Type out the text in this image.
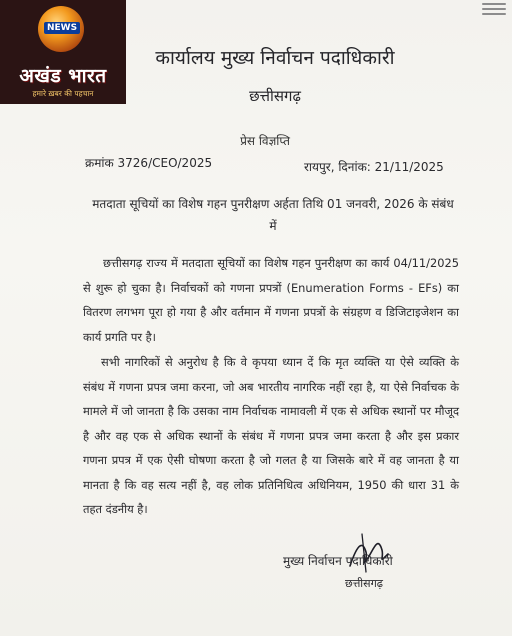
NEWS
अखंड भारत
हमारे ख़बर की पहचान
कार्यालय मुख्य निर्वाचन पदाधिकारी
छत्तीसगढ़
प्रेस विज्ञप्ति
क्रमांक 3726/CEO/2025	रायपुर, दिनांक: 21/11/2025
मतदाता सूचियों का विशेष गहन पुनरीक्षण अर्हता तिथि 01 जनवरी, 2026 के संबंध में
छत्तीसगढ़ राज्य में मतदाता सूचियों का विशेष गहन पुनरीक्षण का कार्य 04/11/2025 से शुरू हो चुका है। निर्वाचकों को गणना प्रपत्रों (Enumeration Forms - EFs) का वितरण लगभग पूरा हो गया है और वर्तमान में गणना प्रपत्रों के संग्रहण व डिजिटाइजेशन का कार्य प्रगति पर है।
सभी नागरिकों से अनुरोध है कि वे कृपया ध्यान दें कि मृत व्यक्ति या ऐसे व्यक्ति के संबंध में गणना प्रपत्र जमा करना, जो अब भारतीय नागरिक नहीं रहा है, या ऐसे निर्वाचक के मामले में जो जानता है कि उसका नाम निर्वाचक नामावली में एक से अधिक स्थानों पर मौजूद है और वह एक से अधिक स्थानों के संबंध में गणना प्रपत्र जमा करता है और इस प्रकार गणना प्रपत्र में एक ऐसी घोषणा करता है जो गलत है या जिसके बारे में वह जानता है या मानता है कि वह सत्य नहीं है, वह लोक प्रतिनिधित्व अधिनियम, 1950 की धारा 31 के तहत दंडनीय है।
मुख्य निर्वाचन पदाधिकारी
छत्तीसगढ़
